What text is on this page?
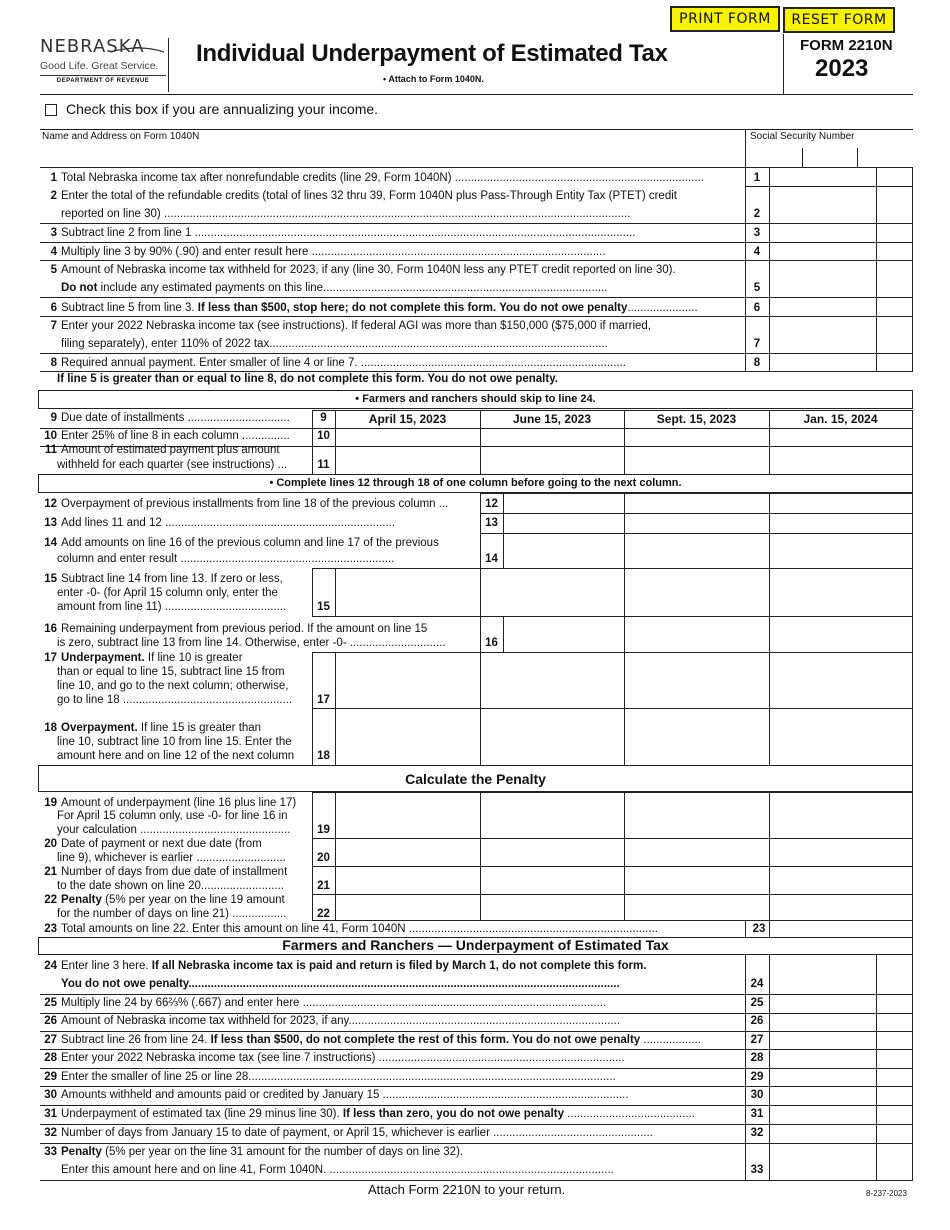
PRINT FORM	RESET FORM
NEBRASKA
Good Life. Great Service.
DEPARTMENT OF REVENUE
Individual Underpayment of Estimated Tax
• Attach to Form 1040N.
FORM 2210N
2023
Check this box if you are annualizing your income.
Name and Address on Form 1040N	Social Security Number
1 Total Nebraska income tax after nonrefundable credits (line 29, Form 1040N) ..............................................................................	1
2 Enter the total of the refundable credits (total of lines 32 thru 39, Form 1040N plus Pass-Through Entity Tax (PTET) credit
reported on line 30) ..................................................................................................................................................	2
3 Subtract line 2 from line 1 ..........................................................................................................................................	3
4 Multiply line 3 by 90% (.90) and enter result here ............................................................................................	4
5 Amount of Nebraska income tax withheld for 2023, if any (line 30, Form 1040N less any PTET credit reported on line 30).
Do not include any estimated payments on this line.........................................................................................	5
6 Subtract line 5 from line 3. If less than $500, stop here; do not complete this form. You do not owe penalty......................	6
7 Enter your 2022 Nebraska income tax (see instructions). If federal AGI was more than $150,000 ($75,000 if married,
filing separately), enter 110% of 2022 tax..........................................................................................................	7
8 Required annual payment. Enter smaller of line 4 or line 7. ...................................................................................	8
If line 5 is greater than or equal to line 8, do not complete this form. You do not owe penalty.
• Farmers and ranchers should skip to line 24.
April 15, 2023	June 15, 2023	Sept. 15, 2023	Jan. 15, 2024
9 Due date of installments ................................	9
10 Enter 25% of line 8 in each column ...............	10
11 Amount of estimated payment plus amount
withheld for each quarter (see instructions) ...	11
• Complete lines 12 through 18 of one column before going to the next column.
12 Overpayment of previous installments from line 18 of the previous column ...	12
13 Add lines 11 and 12 ........................................................................	13
14 Add amounts on line 16 of the previous column and line 17 of the previous
column and enter result ...................................................................	14
15 Subtract line 14 from line 13. If zero or less,
enter -0- (for April 15 column only, enter the
amount from line 11) ......................................	15
16 Remaining underpayment from previous period. If the amount on line 15
is zero, subtract line 13 from line 14. Otherwise, enter -0- ..............................	16
17 Underpayment. If line 10 is greater
than or equal to line 15, subtract line 15 from
line 10, and go to the next column; otherwise,
go to line 18 .....................................................	17
18 Overpayment. If line 15 is greater than
line 10, subtract line 10 from line 15. Enter the
amount here and on line 12 of the next column	18
Calculate the Penalty
19 Amount of underpayment (line 16 plus line 17)
For April 15 column only, use -0- for line 16 in
your calculation ...............................................	19
20 Date of payment or next due date (from
line 9), whichever is earlier ............................	20
21 Number of days from due date of installment
to the date shown on line 20..........................	21
22 Penalty (5% per year on the line 19 amount
for the number of days on line 21) .................	22
23 Total amounts on line 22. Enter this amount on line 41, Form 1040N ..............................................................................	23
Farmers and Ranchers — Underpayment of Estimated Tax
24 Enter line 3 here. If all Nebraska income tax is paid and return is filed by March 1, do not complete this form.
You do not owe penalty.......................................................................................................................................	24
25 Multiply line 24 by 66⅔% (.667) and enter here ...............................................................................................	25
26 Amount of Nebraska income tax withheld for 2023, if any.....................................................................................	26
27 Subtract line 26 from line 24. If less than $500, do not complete the rest of this form. You do not owe penalty ..................	27
28 Enter your 2022 Nebraska income tax (see line 7 instructions) .............................................................................	28
29 Enter the smaller of line 25 or line 28...................................................................................................................	29
30 Amounts withheld and amounts paid or credited by January 15 .............................................................................	30
31 Underpayment of estimated tax (line 29 minus line 30). If less than zero, you do not owe penalty ........................................	31
32 Number of days from January 15 to date of payment, or April 15, whichever is earlier ..................................................	32
33 Penalty (5% per year on the line 31 amount for the number of days on line 32).
Enter this amount here and on line 41, Form 1040N. .........................................................................................	33
Attach Form 2210N to your return.	8-237-2023
